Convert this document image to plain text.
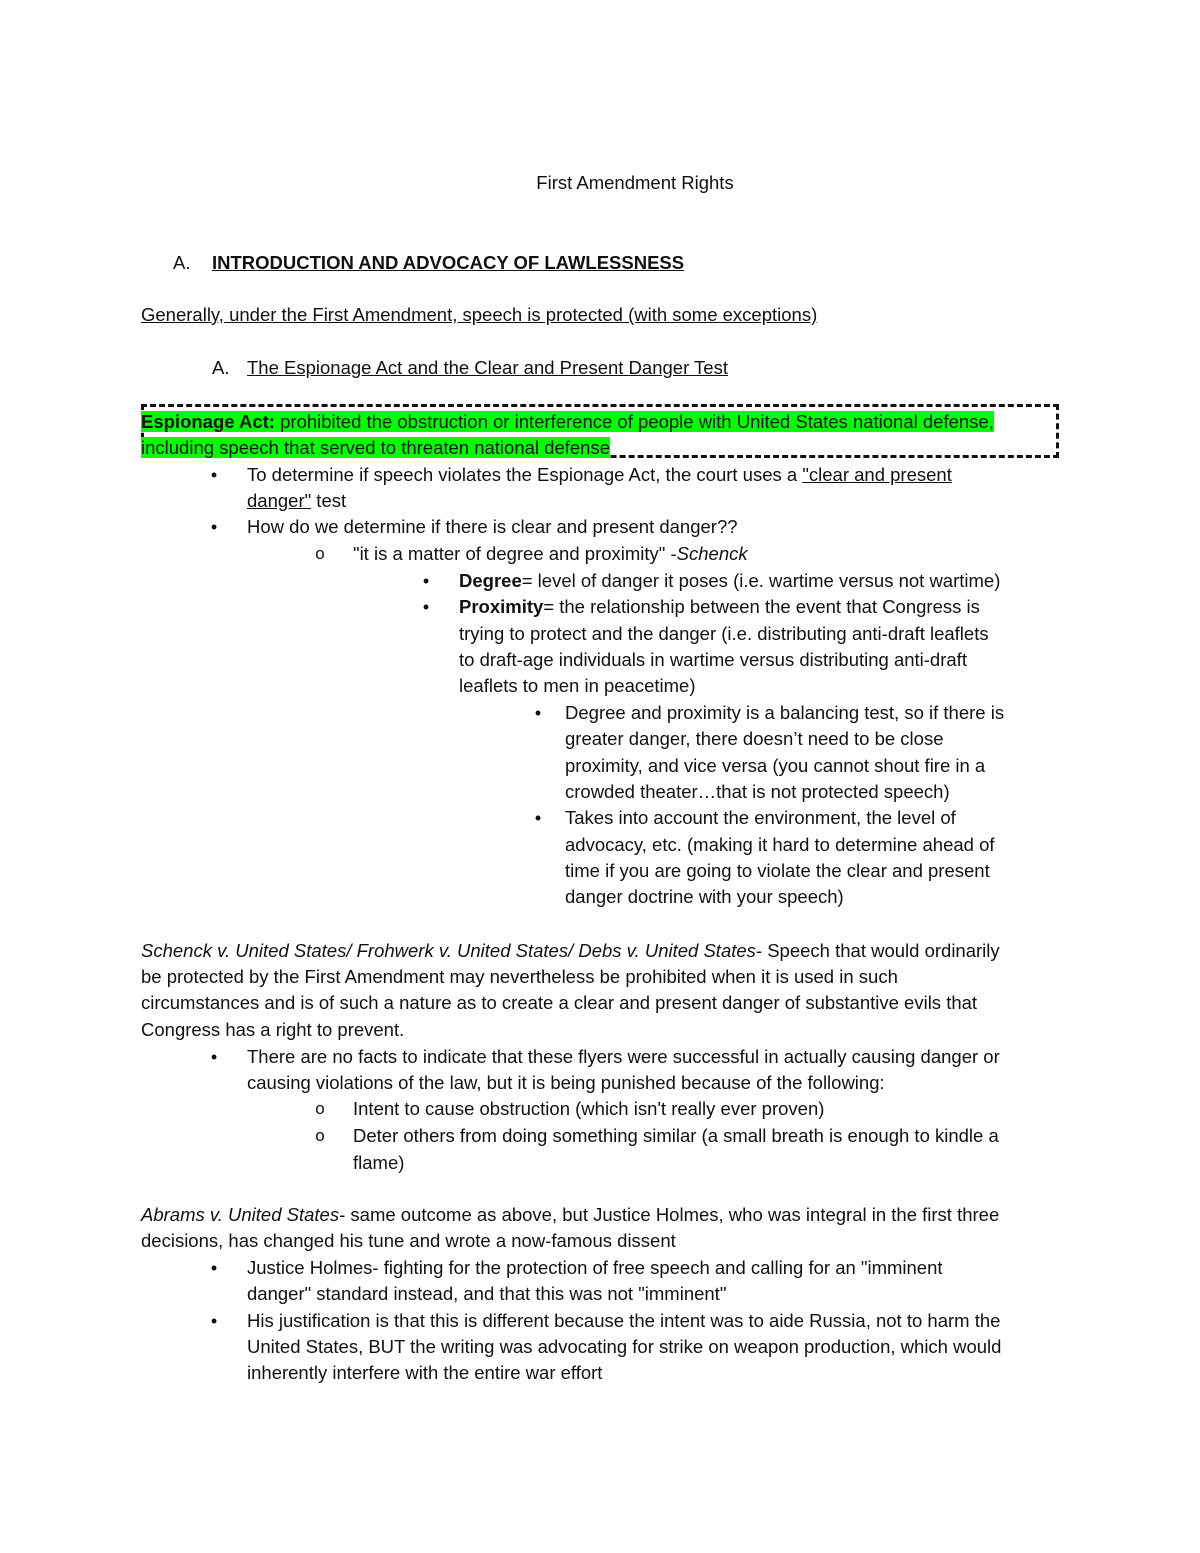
First Amendment Rights
A. INTRODUCTION AND ADVOCACY OF LAWLESSNESS
Generally, under the First Amendment, speech is protected (with some exceptions)
A. The Espionage Act and the Clear and Present Danger Test
Espionage Act: prohibited the obstruction or interference of people with United States national defense,
including speech that served to threaten national defense
• To determine if speech violates the Espionage Act, the court uses a "clear and present
danger" test
• How do we determine if there is clear and present danger??
o "it is a matter of degree and proximity" -Schenck
• Degree= level of danger it poses (i.e. wartime versus not wartime)
• Proximity= the relationship between the event that Congress is
trying to protect and the danger (i.e. distributing anti-draft leaflets
to draft-age individuals in wartime versus distributing anti-draft
leaflets to men in peacetime)
• Degree and proximity is a balancing test, so if there is
greater danger, there doesn’t need to be close
proximity, and vice versa (you cannot shout fire in a
crowded theater…that is not protected speech)
• Takes into account the environment, the level of
advocacy, etc. (making it hard to determine ahead of
time if you are going to violate the clear and present
danger doctrine with your speech)
Schenck v. United States/ Frohwerk v. United States/ Debs v. United States- Speech that would ordinarily
be protected by the First Amendment may nevertheless be prohibited when it is used in such
circumstances and is of such a nature as to create a clear and present danger of substantive evils that
Congress has a right to prevent.
• There are no facts to indicate that these flyers were successful in actually causing danger or
causing violations of the law, but it is being punished because of the following:
o Intent to cause obstruction (which isn't really ever proven)
o Deter others from doing something similar (a small breath is enough to kindle a
flame)
Abrams v. United States- same outcome as above, but Justice Holmes, who was integral in the first three
decisions, has changed his tune and wrote a now-famous dissent
• Justice Holmes- fighting for the protection of free speech and calling for an "imminent
danger" standard instead, and that this was not "imminent"
• His justification is that this is different because the intent was to aide Russia, not to harm the
United States, BUT the writing was advocating for strike on weapon production, which would
inherently interfere with the entire war effort
